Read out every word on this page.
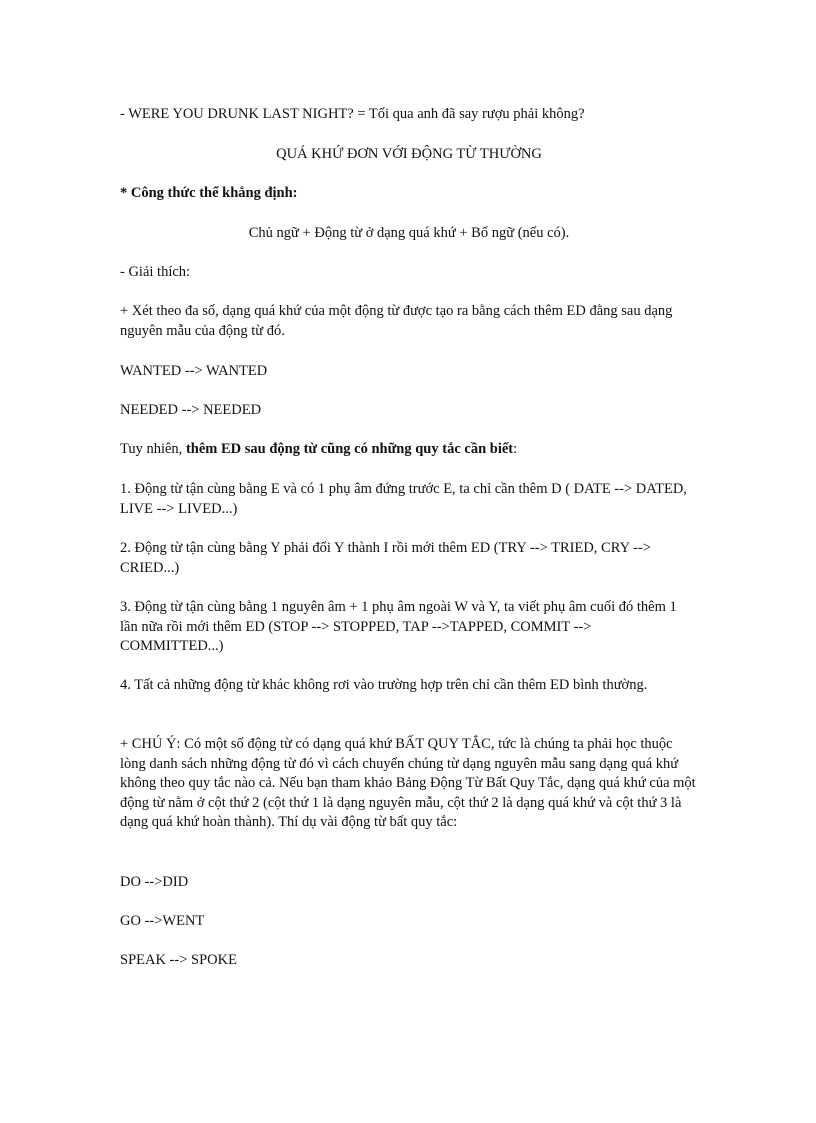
- WERE YOU DRUNK LAST NIGHT? = Tối qua anh đã say rượu phải không?

QUÁ KHỨ ĐƠN VỚI ĐỘNG TỪ THƯỜNG

* Công thức thể khẳng định:

Chủ ngữ + Động từ ở dạng quá khứ + Bổ ngữ (nếu có).

- Giải thích:

+ Xét theo đa số, dạng quá khứ của một động từ được tạo ra bằng cách thêm ED đằng sau dạng nguyên mẫu của động từ đó.

WANTED --> WANTED

NEEDED --> NEEDED

Tuy nhiên, thêm ED sau động từ cũng có những quy tắc cần biết:

1. Động từ tận cùng bằng E và có 1 phụ âm đứng trước E, ta chỉ cần thêm D ( DATE --> DATED, LIVE --> LIVED...)

2. Động từ tận cùng bằng Y phải đổi Y thành I rồi mới thêm ED (TRY --> TRIED, CRY --> CRIED...)

3. Động từ tận cùng bằng 1 nguyên âm + 1 phụ âm ngoài W và Y, ta viết phụ âm cuối đó thêm 1 lần nữa rồi mới thêm ED (STOP --> STOPPED, TAP -->TAPPED, COMMIT --> COMMITTED...)

4. Tất cả những động từ khác không rơi vào trường hợp trên chỉ cần thêm ED bình thường.

+ CHÚ Ý: Có một số động từ có dạng quá khứ BẤT QUY TẮC, tức là chúng ta phải học thuộc lòng danh sách những động từ đó vì cách chuyển chúng từ dạng nguyên mẫu sang dạng quá khứ không theo quy tắc nào cả. Nếu bạn tham khảo Bảng Động Từ Bất Quy Tắc, dạng quá khứ của một động từ nằm ở cột thứ 2 (cột thứ 1 là dạng nguyên mẫu, cột thứ 2 là dạng quá khứ và cột thứ 3 là dạng quá khứ hoàn thành). Thí dụ vài động từ bất quy tắc:

DO -->DID

GO -->WENT

SPEAK --> SPOKE
